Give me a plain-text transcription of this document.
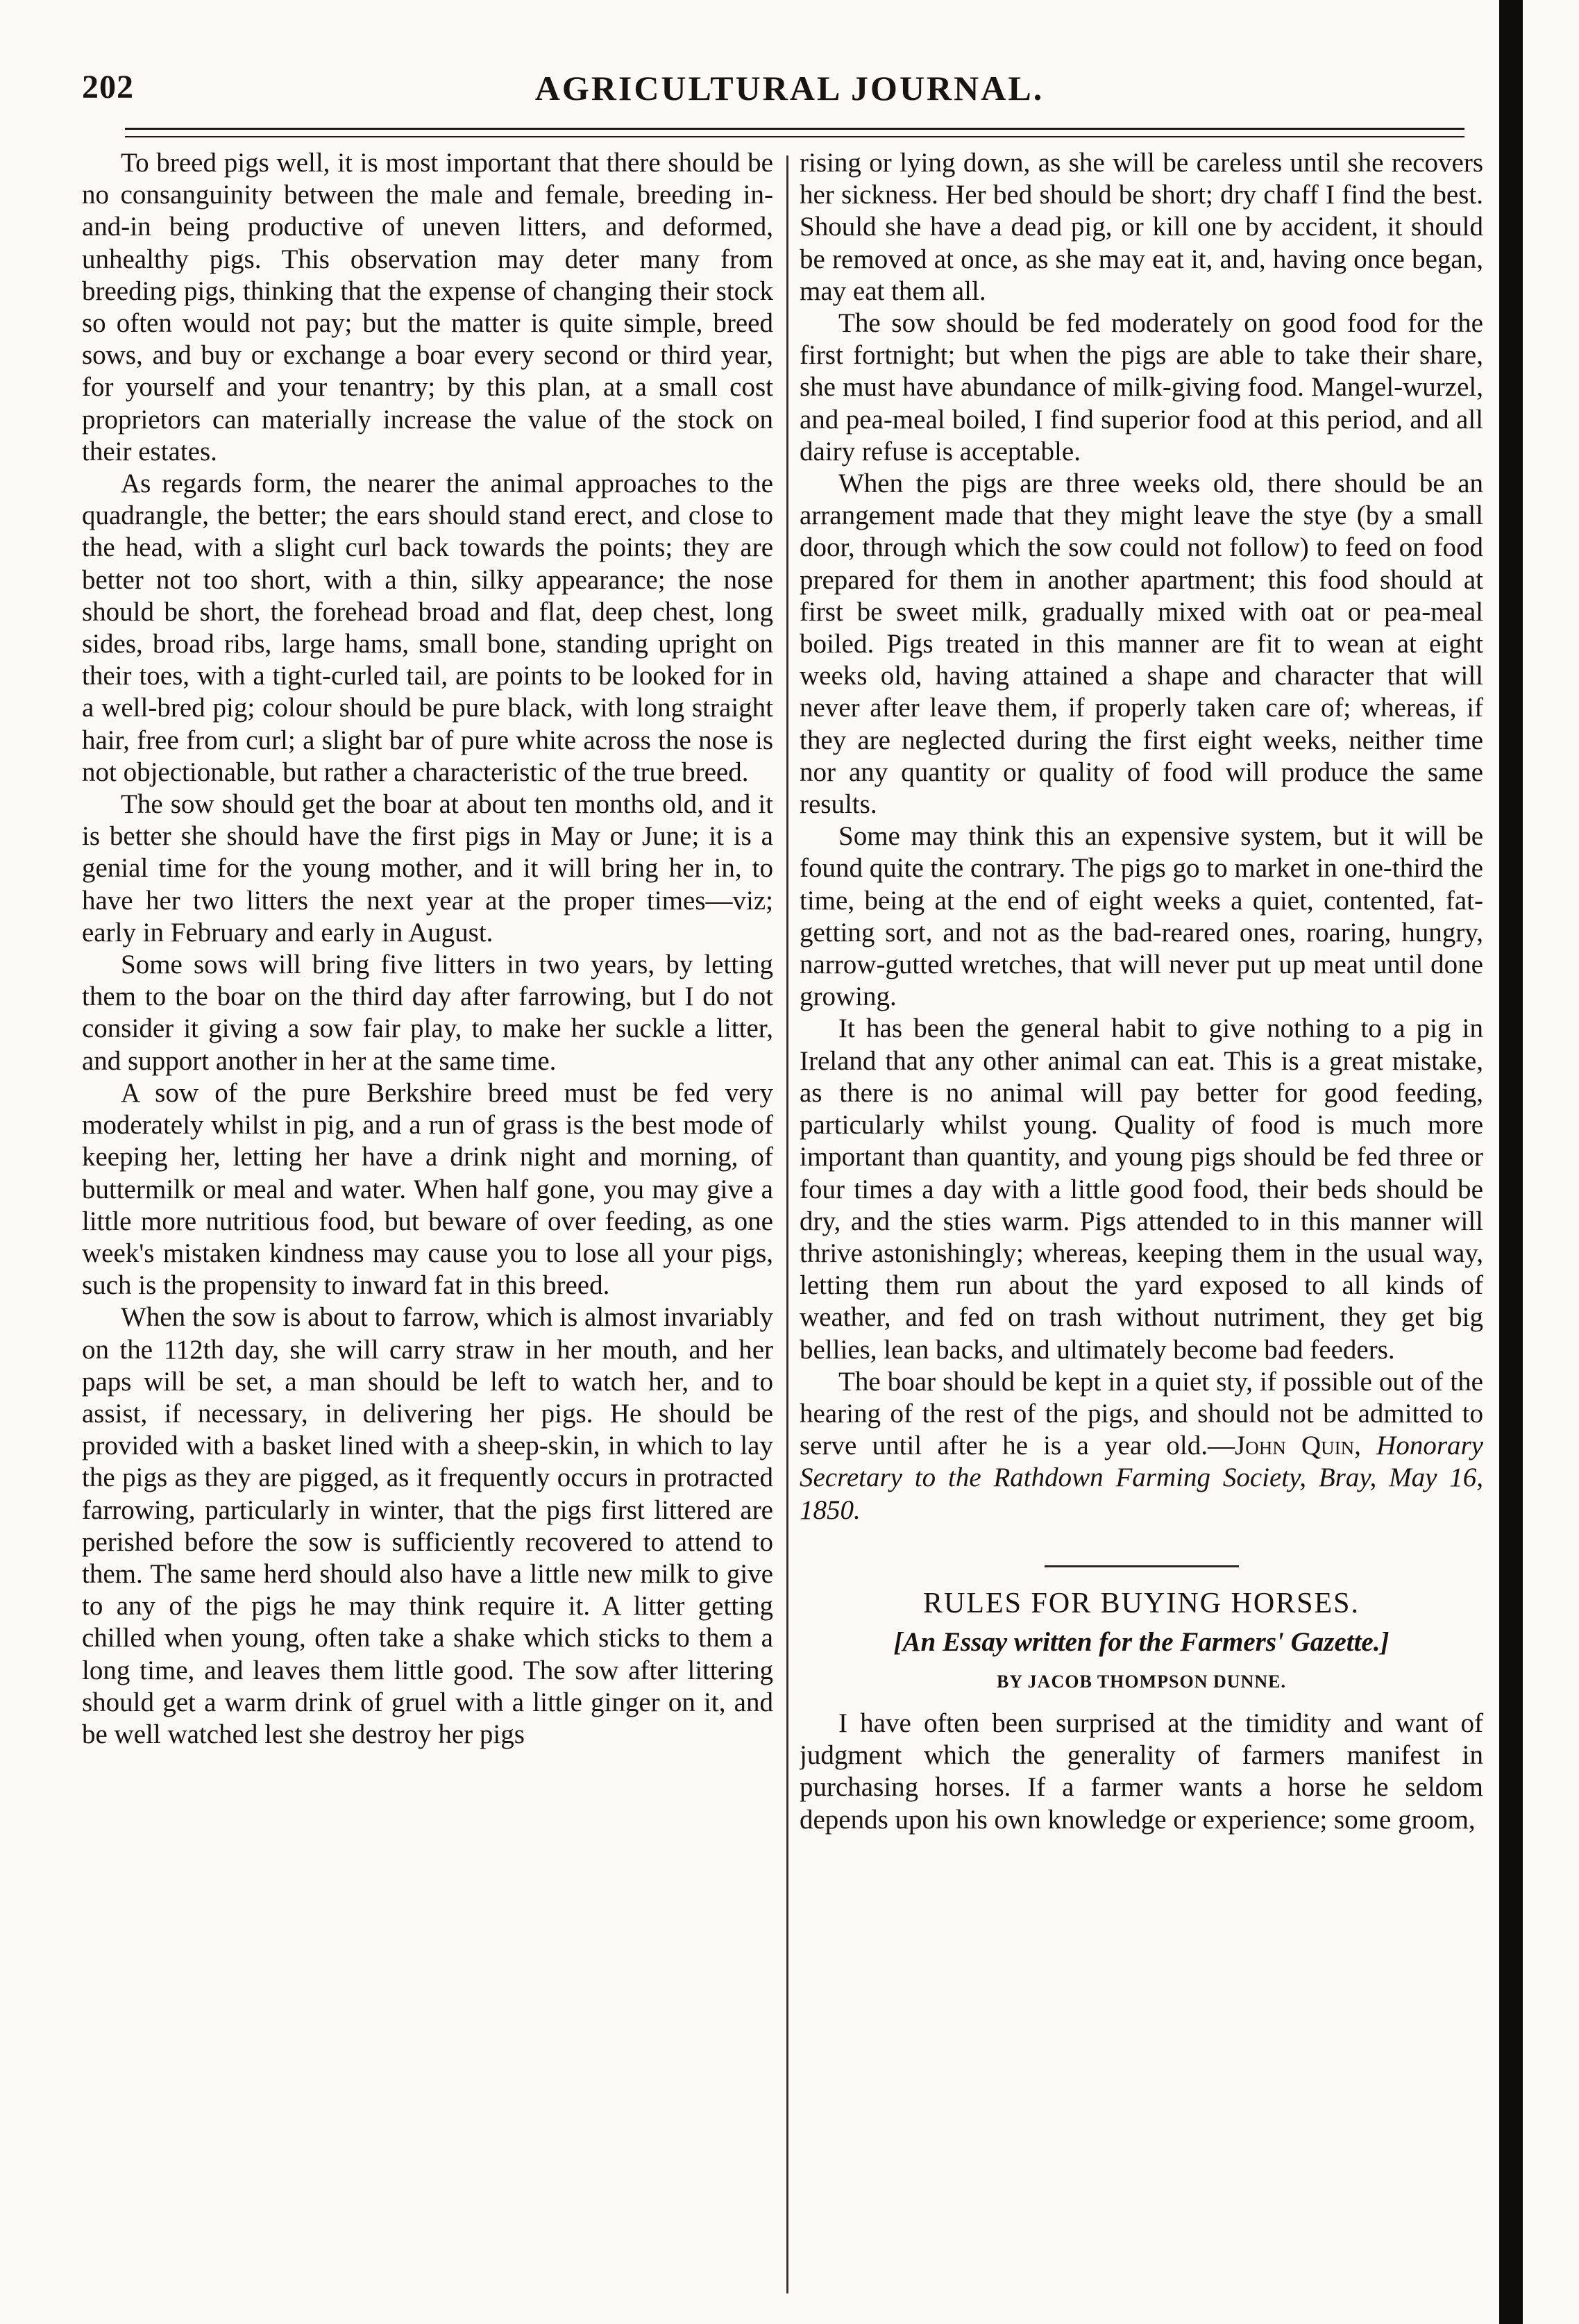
202	AGRICULTURAL JOURNAL.

To breed pigs well, it is most important that there should be no consanguinity between the male and female, breeding in-and-in being productive of uneven litters, and deformed, unhealthy pigs. This observation may deter many from breeding pigs, thinking that the expense of changing their stock so often would not pay; but the matter is quite simple, breed sows, and buy or exchange a boar every second or third year, for yourself and your tenantry; by this plan, at a small cost proprietors can materially increase the value of the stock on their estates.

As regards form, the nearer the animal approaches to the quadrangle, the better; the ears should stand erect, and close to the head, with a slight curl back towards the points; they are better not too short, with a thin, silky appearance; the nose should be short, the forehead broad and flat, deep chest, long sides, broad ribs, large hams, small bone, standing upright on their toes, with a tight-curled tail, are points to be looked for in a well-bred pig; colour should be pure black, with long straight hair, free from curl; a slight bar of pure white across the nose is not objectionable, but rather a characteristic of the true breed.

The sow should get the boar at about ten months old, and it is better she should have the first pigs in May or June; it is a genial time for the young mother, and it will bring her in, to have her two litters the next year at the proper times—viz; early in February and early in August.

Some sows will bring five litters in two years, by letting them to the boar on the third day after farrowing, but I do not consider it giving a sow fair play, to make her suckle a litter, and support another in her at the same time.

A sow of the pure Berkshire breed must be fed very moderately whilst in pig, and a run of grass is the best mode of keeping her, letting her have a drink night and morning, of buttermilk or meal and water. When half gone, you may give a little more nutritious food, but beware of over feeding, as one week's mistaken kindness may cause you to lose all your pigs, such is the propensity to inward fat in this breed.

When the sow is about to farrow, which is almost invariably on the 112th day, she will carry straw in her mouth, and her paps will be set, a man should be left to watch her, and to assist, if necessary, in delivering her pigs. He should be provided with a basket lined with a sheep-skin, in which to lay the pigs as they are pigged, as it frequently occurs in protracted farrowing, particularly in winter, that the pigs first littered are perished before the sow is sufficiently recovered to attend to them. The same herd should also have a little new milk to give to any of the pigs he may think require it. A litter getting chilled when young, often take a shake which sticks to them a long time, and leaves them little good. The sow after littering should get a warm drink of gruel with a little ginger on it, and be well watched lest she destroy her pigs

rising or lying down, as she will be careless until she recovers her sickness. Her bed should be short; dry chaff I find the best. Should she have a dead pig, or kill one by accident, it should be removed at once, as she may eat it, and, having once began, may eat them all.

The sow should be fed moderately on good food for the first fortnight; but when the pigs are able to take their share, she must have abundance of milk-giving food. Mangel-wurzel, and pea-meal boiled, I find superior food at this period, and all dairy refuse is acceptable.

When the pigs are three weeks old, there should be an arrangement made that they might leave the stye (by a small door, through which the sow could not follow) to feed on food prepared for them in another apartment; this food should at first be sweet milk, gradually mixed with oat or pea-meal boiled. Pigs treated in this manner are fit to wean at eight weeks old, having attained a shape and character that will never after leave them, if properly taken care of; whereas, if they are neglected during the first eight weeks, neither time nor any quantity or quality of food will produce the same results.

Some may think this an expensive system, but it will be found quite the contrary. The pigs go to market in one-third the time, being at the end of eight weeks a quiet, contented, fat-getting sort, and not as the bad-reared ones, roaring, hungry, narrow-gutted wretches, that will never put up meat until done growing.

It has been the general habit to give nothing to a pig in Ireland that any other animal can eat. This is a great mistake, as there is no animal will pay better for good feeding, particularly whilst young. Quality of food is much more important than quantity, and young pigs should be fed three or four times a day with a little good food, their beds should be dry, and the sties warm. Pigs attended to in this manner will thrive astonishingly; whereas, keeping them in the usual way, letting them run about the yard exposed to all kinds of weather, and fed on trash without nutriment, they get big bellies, lean backs, and ultimately become bad feeders.

The boar should be kept in a quiet sty, if possible out of the hearing of the rest of the pigs, and should not be admitted to serve until after he is a year old.—John Quin, Honorary Secretary to the Rathdown Farming Society, Bray, May 16, 1850.

RULES FOR BUYING HORSES.
[An Essay written for the Farmers' Gazette.]
BY JACOB THOMPSON DUNNE.

I have often been surprised at the timidity and want of judgment which the generality of farmers manifest in purchasing horses. If a farmer wants a horse he seldom depends upon his own knowledge or experience; some groom,
